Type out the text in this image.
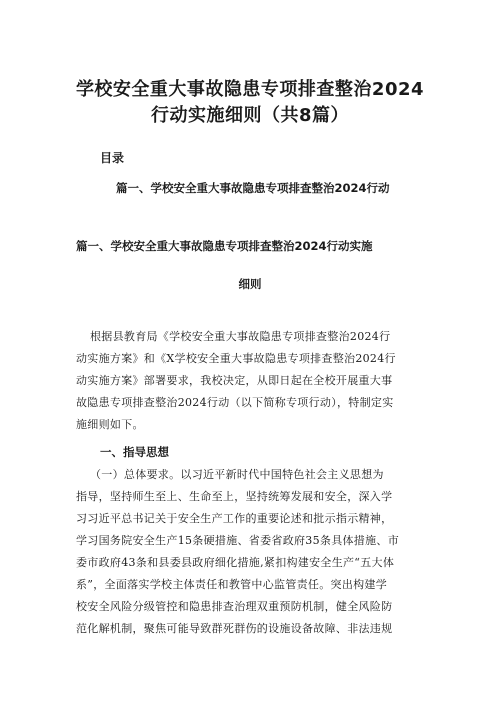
学校安全重大事故隐患专项排查整治2024
行动实施细则（共8篇）
目录
篇一、学校安全重大事故隐患专项排查整治2024行动
篇一、学校安全重大事故隐患专项排查整治2024行动实施
细则
根据县教育局《学校安全重大事故隐患专项排查整治2024行
动实施方案》和《X学校安全重大事故隐患专项排查整治2024行
动实施方案》部署要求，我校决定，从即日起在全校开展重大事
故隐患专项排查整治2024行动（以下简称专项行动），特制定实
施细则如下。
一、指导思想
（一）总体要求。以习近平新时代中国特色社会主义思想为
指导，坚持师生至上、生命至上，坚持统筹发展和安全，深入学
习习近平总书记关于安全生产工作的重要论述和批示指示精神，
学习国务院安全生产15条硬措施、省委省政府35条具体措施、市
委市政府43条和县委县政府细化措施,紧扣构建安全生产“五大体
系”，全面落实学校主体责任和教管中心监管责任。突出构建学
校安全风险分级管控和隐患排查治理双重预防机制，健全风险防
范化解机制，聚焦可能导致群死群伤的设施设备故障、非法违规
